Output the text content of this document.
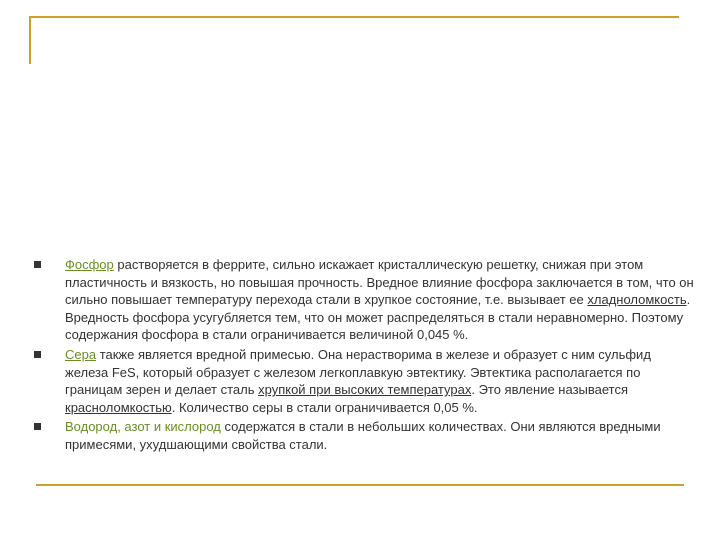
Фосфор растворяется в феррите, сильно искажает кристаллическую решетку, снижая при этом пластичность и вязкость, но повышая прочность. Вредное влияние фосфора заключается в том, что он сильно повышает температуру перехода стали в хрупкое состояние, т.е. вызывает ее хладноломкость. Вредность фосфора усугубляется тем, что он может распределяться в стали неравномерно. Поэтому содержания фосфора в стали ограничивается величиной 0,045 %.
Сера также является вредной примесью. Она нерастворима в железе и образует с ним сульфид железа FeS, который образует с железом легкоплавкую эвтектику. Эвтектика располагается по границам зерен и делает сталь хрупкой при высоких температурах. Это явление называется красноломкостью. Количество серы в стали ограничивается 0,05 %.
Водород, азот и кислород содержатся в стали в небольших количествах. Они являются вредными примесями, ухудшающими свойства стали.
